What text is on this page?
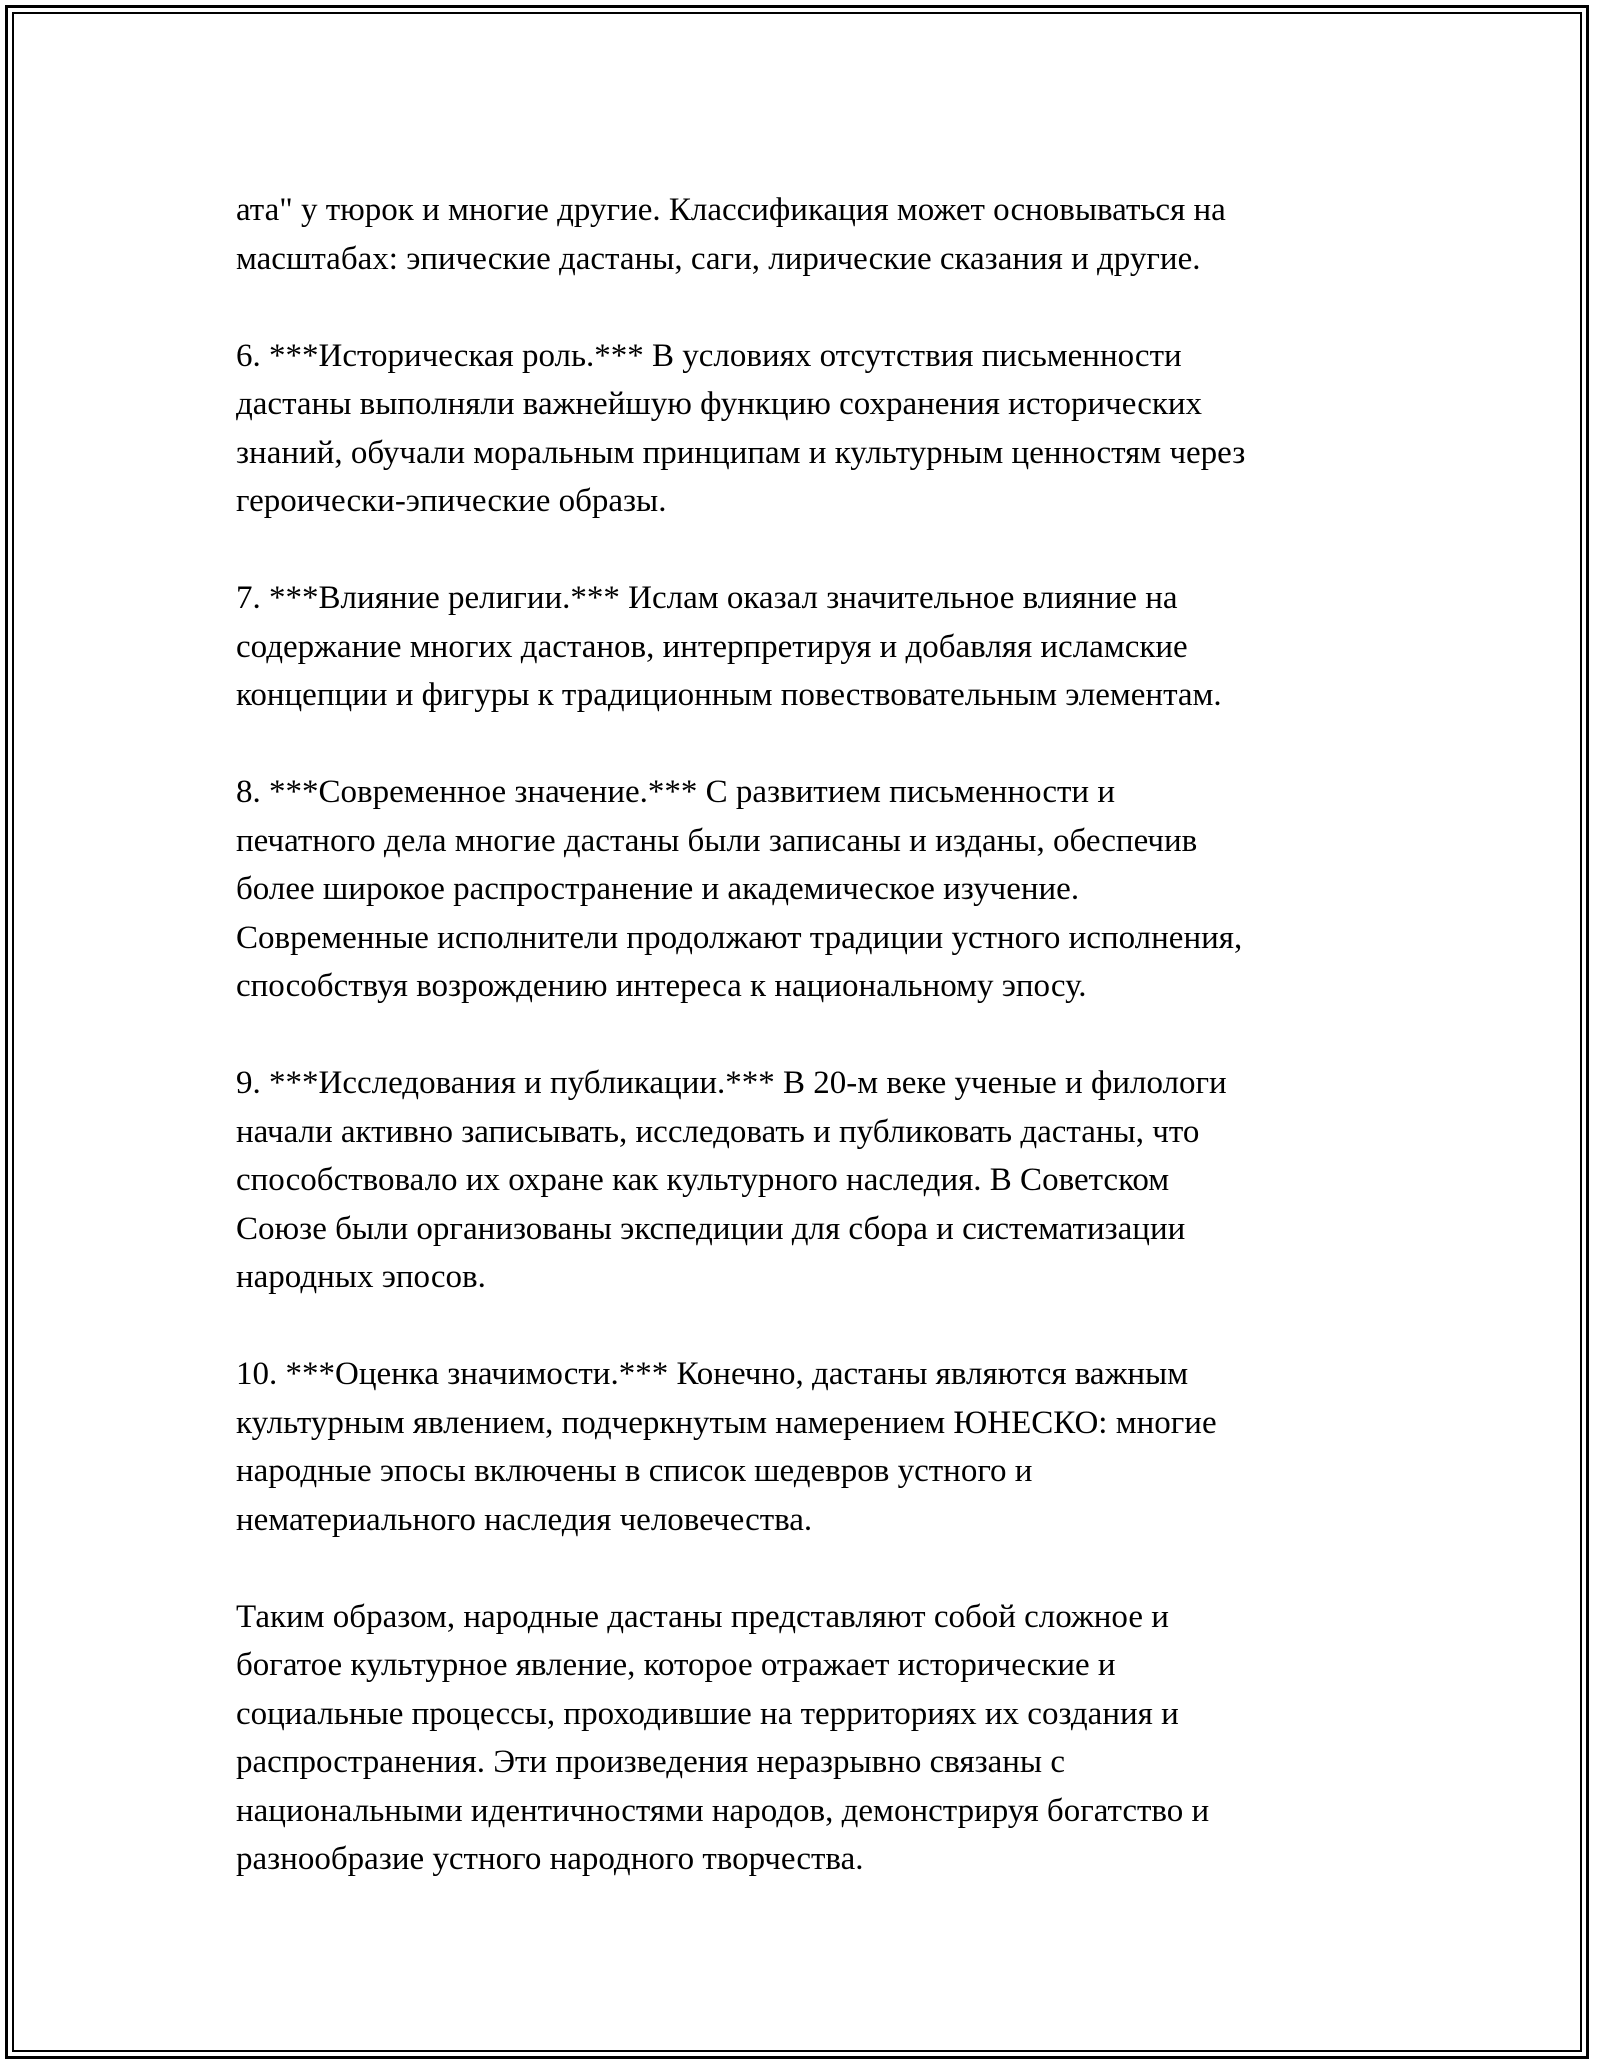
ата" у тюрок и многие другие. Классификация может основываться на
масштабах: эпические дастаны, саги, лирические сказания и другие.

6. ***Историческая роль.*** В условиях отсутствия письменности
дастаны выполняли важнейшую функцию сохранения исторических
знаний, обучали моральным принципам и культурным ценностям через
героически-эпические образы.

7. ***Влияние религии.*** Ислам оказал значительное влияние на
содержание многих дастанов, интерпретируя и добавляя исламские
концепции и фигуры к традиционным повествовательным элементам.

8. ***Современное значение.*** С развитием письменности и
печатного дела многие дастаны были записаны и изданы, обеспечив
более широкое распространение и академическое изучение.
Современные исполнители продолжают традиции устного исполнения,
способствуя возрождению интереса к национальному эпосу.

9. ***Исследования и публикации.*** В 20-м веке ученые и филологи
начали активно записывать, исследовать и публиковать дастаны, что
способствовало их охране как культурного наследия. В Советском
Союзе были организованы экспедиции для сбора и систематизации
народных эпосов.

10. ***Оценка значимости.*** Конечно, дастаны являются важным
культурным явлением, подчеркнутым намерением ЮНЕСКО: многие
народные эпосы включены в список шедевров устного и
нематериального наследия человечества.

Таким образом, народные дастаны представляют собой сложное и
богатое культурное явление, которое отражает исторические и
социальные процессы, проходившие на территориях их создания и
распространения. Эти произведения неразрывно связаны с
национальными идентичностями народов, демонстрируя богатство и
разнообразие устного народного творчества.
